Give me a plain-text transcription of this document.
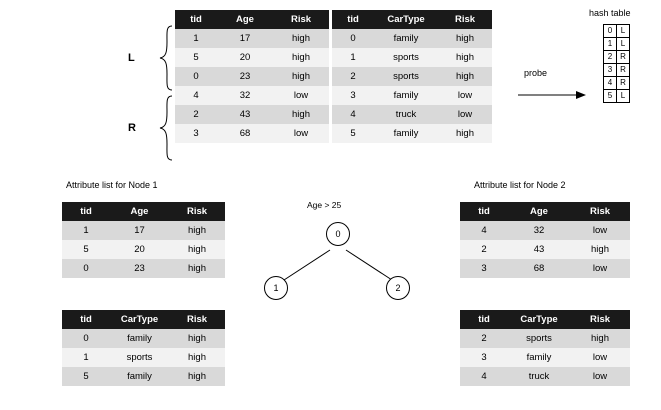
tid	Age	Risk
1	17	high
5	20	high
0	23	high
4	32	low
2	43	high
3	68	low
tid	CarType	Risk
0	family	high
1	sports	high
2	sports	high
3	family	low
4	truck	low
5	family	high
L
R
probe
hash table
0	L
1	L
2	R
3	R
4	R
5	L
Attribute list for Node 1	Attribute list for Node 2
tid	Age	Risk
1	17	high
5	20	high
0	23	high
tid	CarType	Risk
0	family	high
1	sports	high
5	family	high
tid	Age	Risk
4	32	low
2	43	high
3	68	low
tid	CarType	Risk
2	sports	high
3	family	low
4	truck	low
Age > 25
0
1	2
